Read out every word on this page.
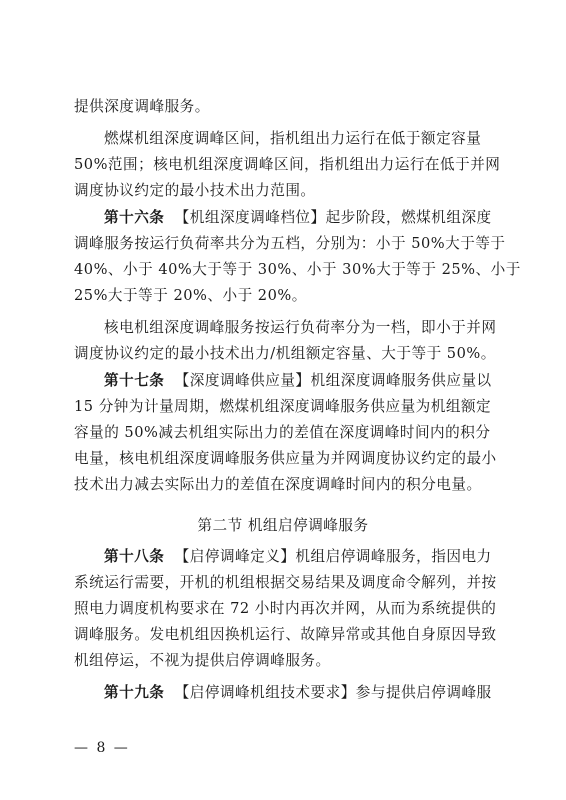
提供深度调峰服务。
燃煤机组深度调峰区间，指机组出力运行在低于额定容量
50%范围；核电机组深度调峰区间，指机组出力运行在低于并网
调度协议约定的最小技术出力范围。
第十六条 【机组深度调峰档位】起步阶段，燃煤机组深度
调峰服务按运行负荷率共分为五档，分别为：小于 50%大于等于
40%、小于 40%大于等于 30%、小于 30%大于等于 25%、小于
25%大于等于 20%、小于 20%。
核电机组深度调峰服务按运行负荷率分为一档，即小于并网
调度协议约定的最小技术出力/机组额定容量、大于等于 50%。
第十七条 【深度调峰供应量】机组深度调峰服务供应量以
15 分钟为计量周期，燃煤机组深度调峰服务供应量为机组额定
容量的 50%减去机组实际出力的差值在深度调峰时间内的积分
电量，核电机组深度调峰服务供应量为并网调度协议约定的最小
技术出力减去实际出力的差值在深度调峰时间内的积分电量。
第二节 机组启停调峰服务
第十八条 【启停调峰定义】机组启停调峰服务，指因电力
系统运行需要，开机的机组根据交易结果及调度命令解列，并按
照电力调度机构要求在 72 小时内再次并网，从而为系统提供的
调峰服务。发电机组因换机运行、故障异常或其他自身原因导致
机组停运，不视为提供启停调峰服务。
第十九条 【启停调峰机组技术要求】参与提供启停调峰服
— 8 —
